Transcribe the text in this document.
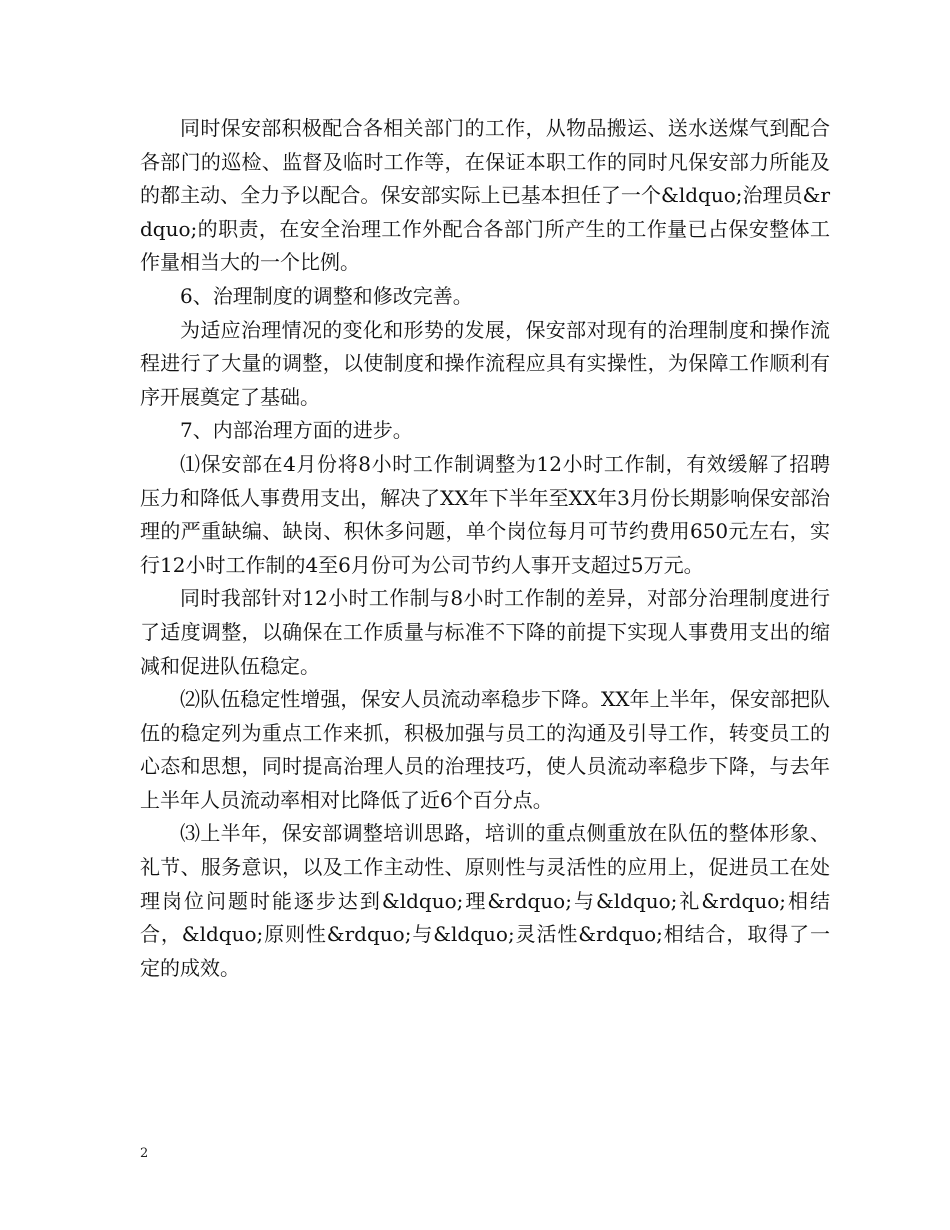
同时保安部积极配合各相关部门的工作，从物品搬运、送水送煤气到配合各部门的巡检、监督及临时工作等，在保证本职工作的同时凡保安部力所能及的都主动、全力予以配合。保安部实际上已基本担任了一个&ldquo;治理员&rdquo;的职责，在安全治理工作外配合各部门所产生的工作量已占保安整体工作量相当大的一个比例。

6、治理制度的调整和修改完善。

为适应治理情况的变化和形势的发展，保安部对现有的治理制度和操作流程进行了大量的调整，以使制度和操作流程应具有实操性，为保障工作顺利有序开展奠定了基础。

7、内部治理方面的进步。

⑴保安部在4月份将8小时工作制调整为12小时工作制，有效缓解了招聘压力和降低人事费用支出，解决了XX年下半年至XX年3月份长期影响保安部治理的严重缺编、缺岗、积休多问题，单个岗位每月可节约费用650元左右，实行12小时工作制的4至6月份可为公司节约人事开支超过5万元。

同时我部针对12小时工作制与8小时工作制的差异，对部分治理制度进行了适度调整，以确保在工作质量与标准不下降的前提下实现人事费用支出的缩减和促进队伍稳定。

⑵队伍稳定性增强，保安人员流动率稳步下降。XX年上半年，保安部把队伍的稳定列为重点工作来抓，积极加强与员工的沟通及引导工作，转变员工的心态和思想，同时提高治理人员的治理技巧，使人员流动率稳步下降，与去年上半年人员流动率相对比降低了近6个百分点。

⑶上半年，保安部调整培训思路，培训的重点侧重放在队伍的整体形象、礼节、服务意识，以及工作主动性、原则性与灵活性的应用上，促进员工在处理岗位问题时能逐步达到&ldquo;理&rdquo;与&ldquo;礼&rdquo;相结合，&ldquo;原则性&rdquo;与&ldquo;灵活性&rdquo;相结合，取得了一定的成效。

2
